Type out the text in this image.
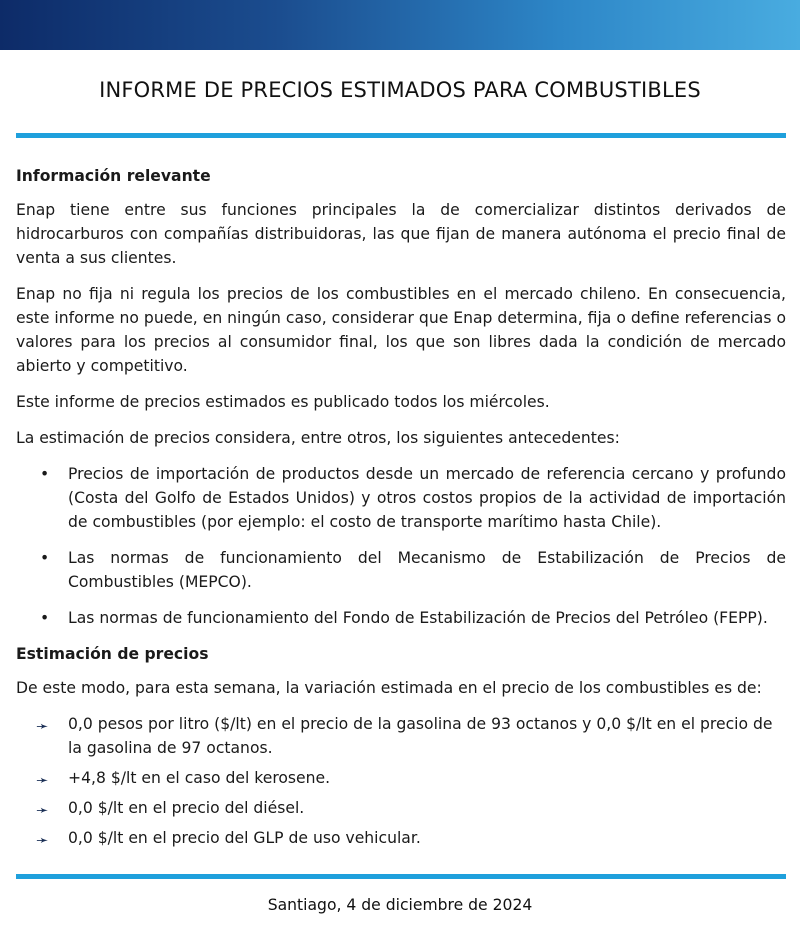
INFORME DE PRECIOS ESTIMADOS PARA COMBUSTIBLES
Información relevante
Enap tiene entre sus funciones principales la de comercializar distintos derivados de hidrocarburos con compañías distribuidoras, las que fijan de manera autónoma el precio final de venta a sus clientes.
Enap no fija ni regula los precios de los combustibles en el mercado chileno. En consecuencia, este informe no puede, en ningún caso, considerar que Enap determina, fija o define referencias o valores para los precios al consumidor final, los que son libres dada la condición de mercado abierto y competitivo.
Este informe de precios estimados es publicado todos los miércoles.
La estimación de precios considera, entre otros, los siguientes antecedentes:
• Precios de importación de productos desde un mercado de referencia cercano y profundo (Costa del Golfo de Estados Unidos) y otros costos propios de la actividad de importación de combustibles (por ejemplo: el costo de transporte marítimo hasta Chile).
• Las normas de funcionamiento del Mecanismo de Estabilización de Precios de Combustibles (MEPCO).
• Las normas de funcionamiento del Fondo de Estabilización de Precios del Petróleo (FEPP).
Estimación de precios
De este modo, para esta semana, la variación estimada en el precio de los combustibles es de:
➛ 0,0 pesos por litro ($/lt) en el precio de la gasolina de 93 octanos y 0,0 $/lt en el precio de la gasolina de 97 octanos.
➛ +4,8 $/lt en el caso del kerosene.
➛ 0,0 $/lt en el precio del diésel.
➛ 0,0 $/lt en el precio del GLP de uso vehicular.
Santiago, 4 de diciembre de 2024
